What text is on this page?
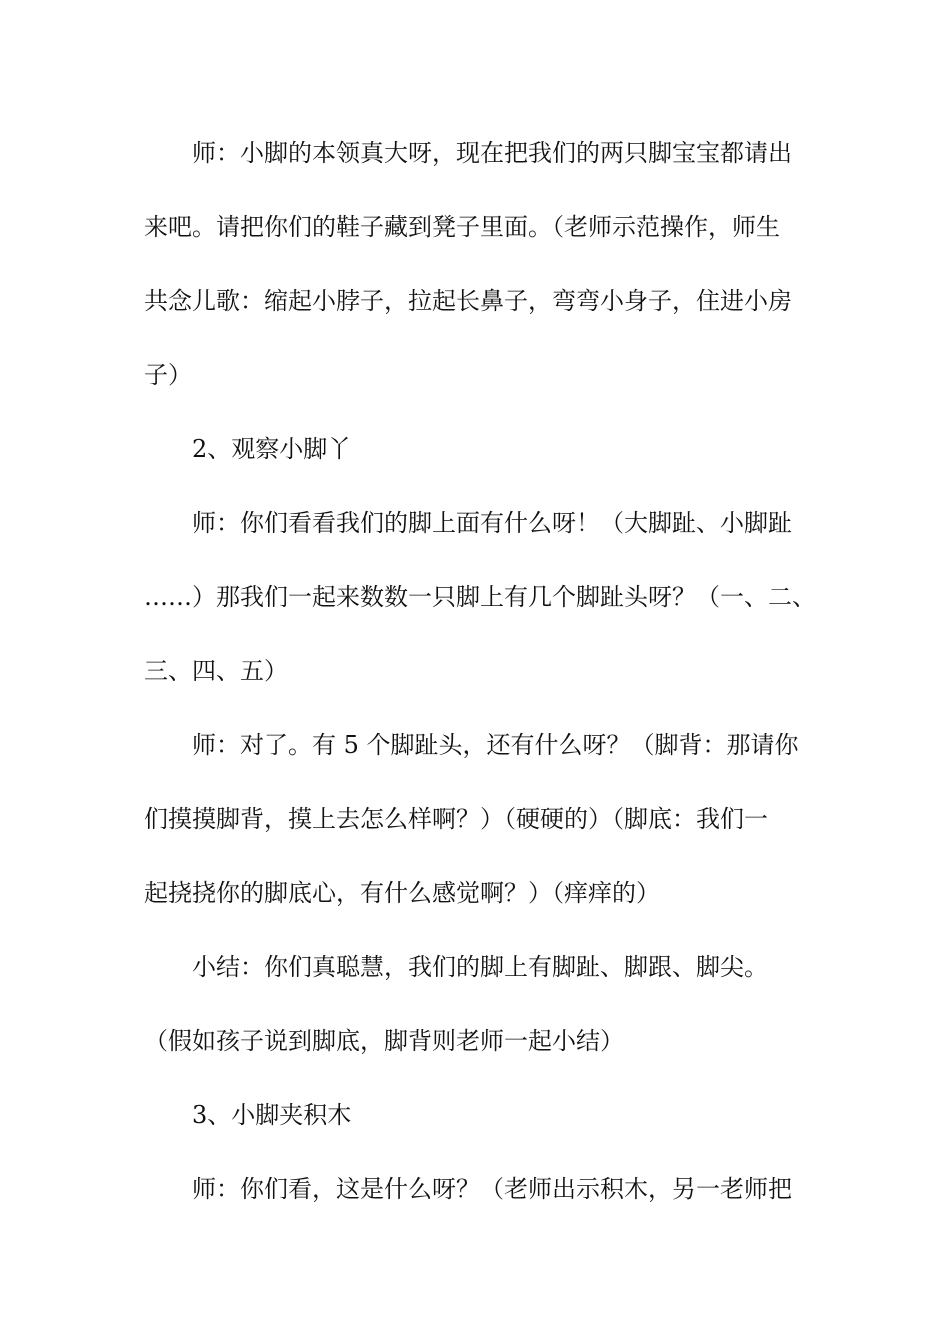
师：小脚的本领真大呀，现在把我们的两只脚宝宝都请出
来吧。请把你们的鞋子藏到凳子里面。（老师示范操作，师生
共念儿歌：缩起小脖子，拉起长鼻子，弯弯小身子，住进小房
子）
2、观察小脚丫
师：你们看看我们的脚上面有什么呀！（大脚趾、小脚趾
……）那我们一起来数数一只脚上有几个脚趾头呀？（一、二、
三、四、五）
师：对了。有 5 个脚趾头，还有什么呀？（脚背：那请你
们摸摸脚背，摸上去怎么样啊？）（硬硬的）（脚底：我们一
起挠挠你的脚底心，有什么感觉啊？）（痒痒的）
小结：你们真聪慧，我们的脚上有脚趾、脚跟、脚尖。
（假如孩子说到脚底，脚背则老师一起小结）
3、小脚夹积木
师：你们看，这是什么呀？（老师出示积木，另一老师把
